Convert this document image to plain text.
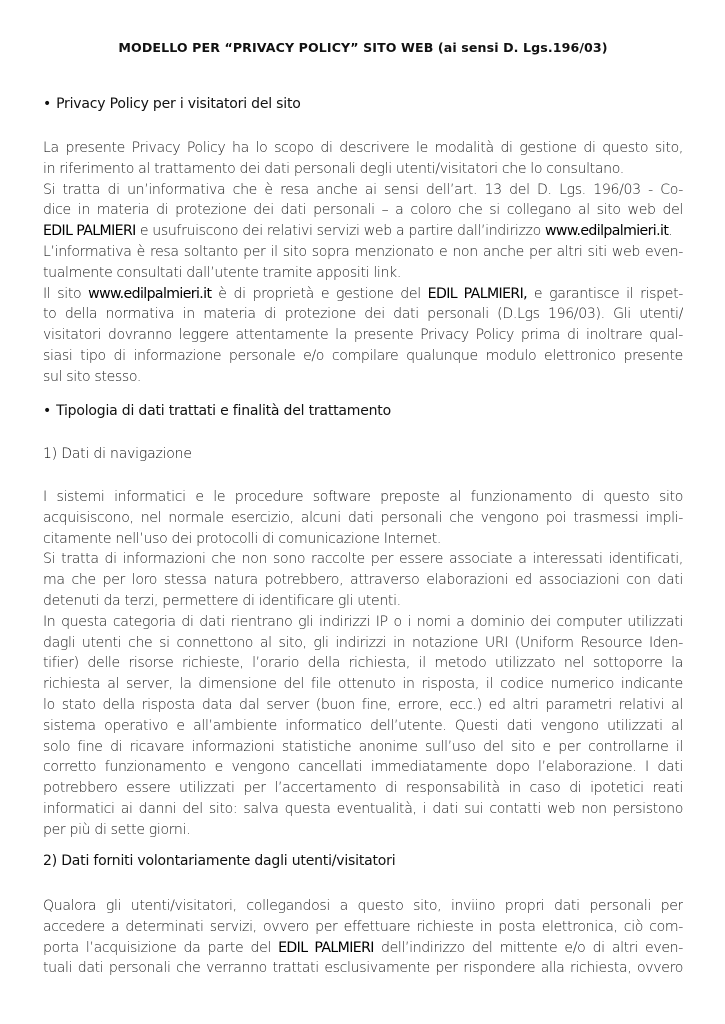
MODELLO PER “PRIVACY POLICY” SITO WEB (ai sensi D. Lgs.196/03)
• Privacy Policy per i visitatori del sito
La presente Privacy Policy ha lo scopo di descrivere le modalità di gestione di questo sito,
in riferimento al trattamento dei dati personali degli utenti/visitatori che lo consultano.
Si tratta di un’informativa che è resa anche ai sensi dell’art. 13 del D. Lgs. 196/03 - Co-
dice in materia di protezione dei dati personali – a coloro che si collegano al sito web del
EDIL PALMIERI e usufruiscono dei relativi servizi web a partire dall’indirizzo www.edilpalmieri.it.
L’informativa è resa soltanto per il sito sopra menzionato e non anche per altri siti web even-
tualmente consultati dall’utente tramite appositi link.
Il sito www.edilpalmieri.it è di proprietà e gestione del EDIL PALMIERI, e garantisce il rispet-
to della normativa in materia di protezione dei dati personali (D.Lgs 196/03). Gli utenti/
visitatori dovranno leggere attentamente la presente Privacy Policy prima di inoltrare qual-
siasi tipo di informazione personale e/o compilare qualunque modulo elettronico presente
sul sito stesso.
• Tipologia di dati trattati e finalità del trattamento
1) Dati di navigazione
I sistemi informatici e le procedure software preposte al funzionamento di questo sito
acquisiscono, nel normale esercizio, alcuni dati personali che vengono poi trasmessi impli-
citamente nell’uso dei protocolli di comunicazione Internet.
Si tratta di informazioni che non sono raccolte per essere associate a interessati identificati,
ma che per loro stessa natura potrebbero, attraverso elaborazioni ed associazioni con dati
detenuti da terzi, permettere di identificare gli utenti.
In questa categoria di dati rientrano gli indirizzi IP o i nomi a dominio dei computer utilizzati
dagli utenti che si connettono al sito, gli indirizzi in notazione URI (Uniform Resource Iden-
tifier) delle risorse richieste, l’orario della richiesta, il metodo utilizzato nel sottoporre la
richiesta al server, la dimensione del file ottenuto in risposta, il codice numerico indicante
lo stato della risposta data dal server (buon fine, errore, ecc.) ed altri parametri relativi al
sistema operativo e all’ambiente informatico dell’utente. Questi dati vengono utilizzati al
solo fine di ricavare informazioni statistiche anonime sull’uso del sito e per controllarne il
corretto funzionamento e vengono cancellati immediatamente dopo l’elaborazione. I dati
potrebbero essere utilizzati per l’accertamento di responsabilità in caso di ipotetici reati
informatici ai danni del sito: salva questa eventualità, i dati sui contatti web non persistono
per più di sette giorni.
2) Dati forniti volontariamente dagli utenti/visitatori
Qualora gli utenti/visitatori, collegandosi a questo sito, inviino propri dati personali per
accedere a determinati servizi, ovvero per effettuare richieste in posta elettronica, ciò com-
porta l’acquisizione da parte del EDIL PALMIERI dell’indirizzo del mittente e/o di altri even-
tuali dati personali che verranno trattati esclusivamente per rispondere alla richiesta, ovvero
